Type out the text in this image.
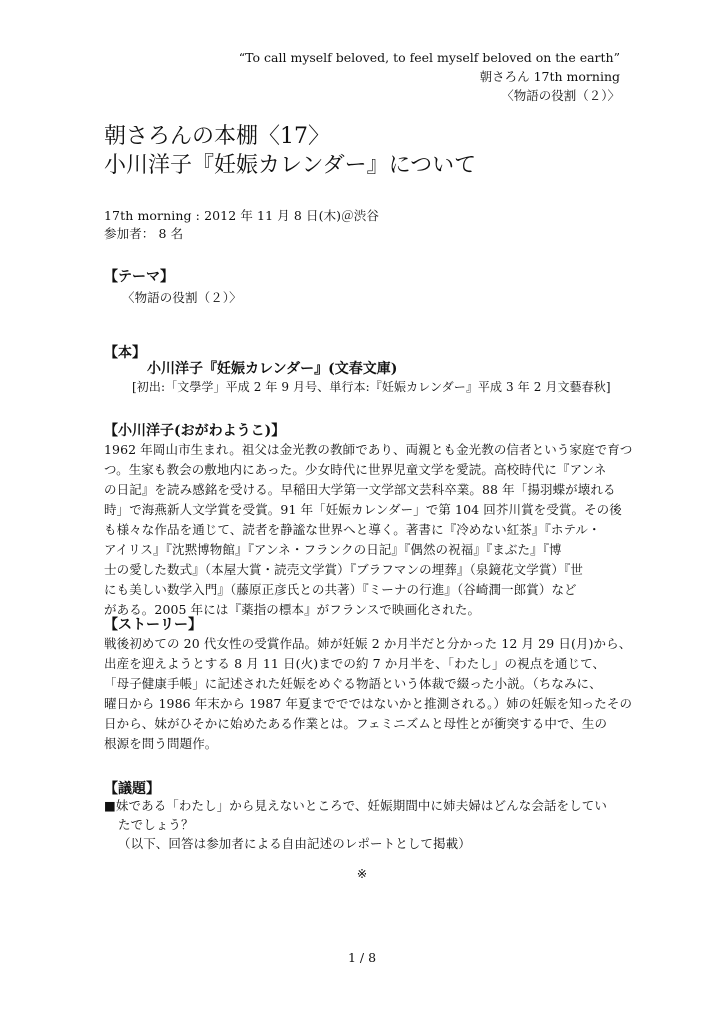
“To call myself beloved, to feel myself beloved on the earth”
朝さろん 17th morning
〈物語の役割（２）〉
朝さろんの本棚〈17〉
小川洋子『妊娠カレンダー』について
17th morning : 2012 年 11 月 8 日(木)＠渋谷
参加者： 8 名
【テーマ】
〈物語の役割（２）〉
【本】
小川洋子『妊娠カレンダー』(文春文庫)
[初出:「文學学」平成 2 年 9 月号、単行本:『妊娠カレンダー』平成 3 年 2 月文藝春秋]
【小川洋子(おがわようこ)】
1962 年岡山市生まれ。祖父は金光教の教師であり、両親とも金光教の信者という家庭で育つ
つ。生家も教会の敷地内にあった。少女時代に世界児童文学を愛読。高校時代に『アンネ
の日記』を読み感銘を受ける。早稲田大学第一文学部文芸科卒業。88 年「揚羽蝶が壊れる
時」で海燕新人文学賞を受賞。91 年「妊娠カレンダー」で第 104 回芥川賞を受賞。その後
も様々な作品を通じて、読者を静謐な世界へと導く。著書に『冷めない紅茶』『ホテル・
アイリス』『沈黙博物館』『アンネ・フランクの日記』『偶然の祝福』『まぶた』『博
士の愛した数式』（本屋大賞・読売文学賞）『ブラフマンの埋葬』（泉鏡花文学賞）『世
にも美しい数学入門』（藤原正彦氏との共著）『ミーナの行進』（谷崎潤一郎賞）など
がある。2005 年には『薬指の標本』がフランスで映画化された。
【ストーリー】
戦後初めての 20 代女性の受賞作品。姉が妊娠 2 か月半だと分かった 12 月 29 日(月)から、
出産を迎えようとする 8 月 11 日(火)までの約 7 か月半を、「わたし」の視点を通じて、
「母子健康手帳」に記述された妊娠をめぐる物語という体裁で綴った小説。（ちなみに、
曜日から 1986 年末から 1987 年夏まででではないかと推測される。）姉の妊娠を知ったその
日から、妹がひそかに始めたある作業とは。フェミニズムと母性とが衝突する中で、生の
根源を問う問題作。
【議題】
■妹である「わたし」から見えないところで、妊娠期間中に姉夫婦はどんな会話をしてい
たでしょう？
（以下、回答は参加者による自由記述のレポートとして掲載）
※
1 / 8
